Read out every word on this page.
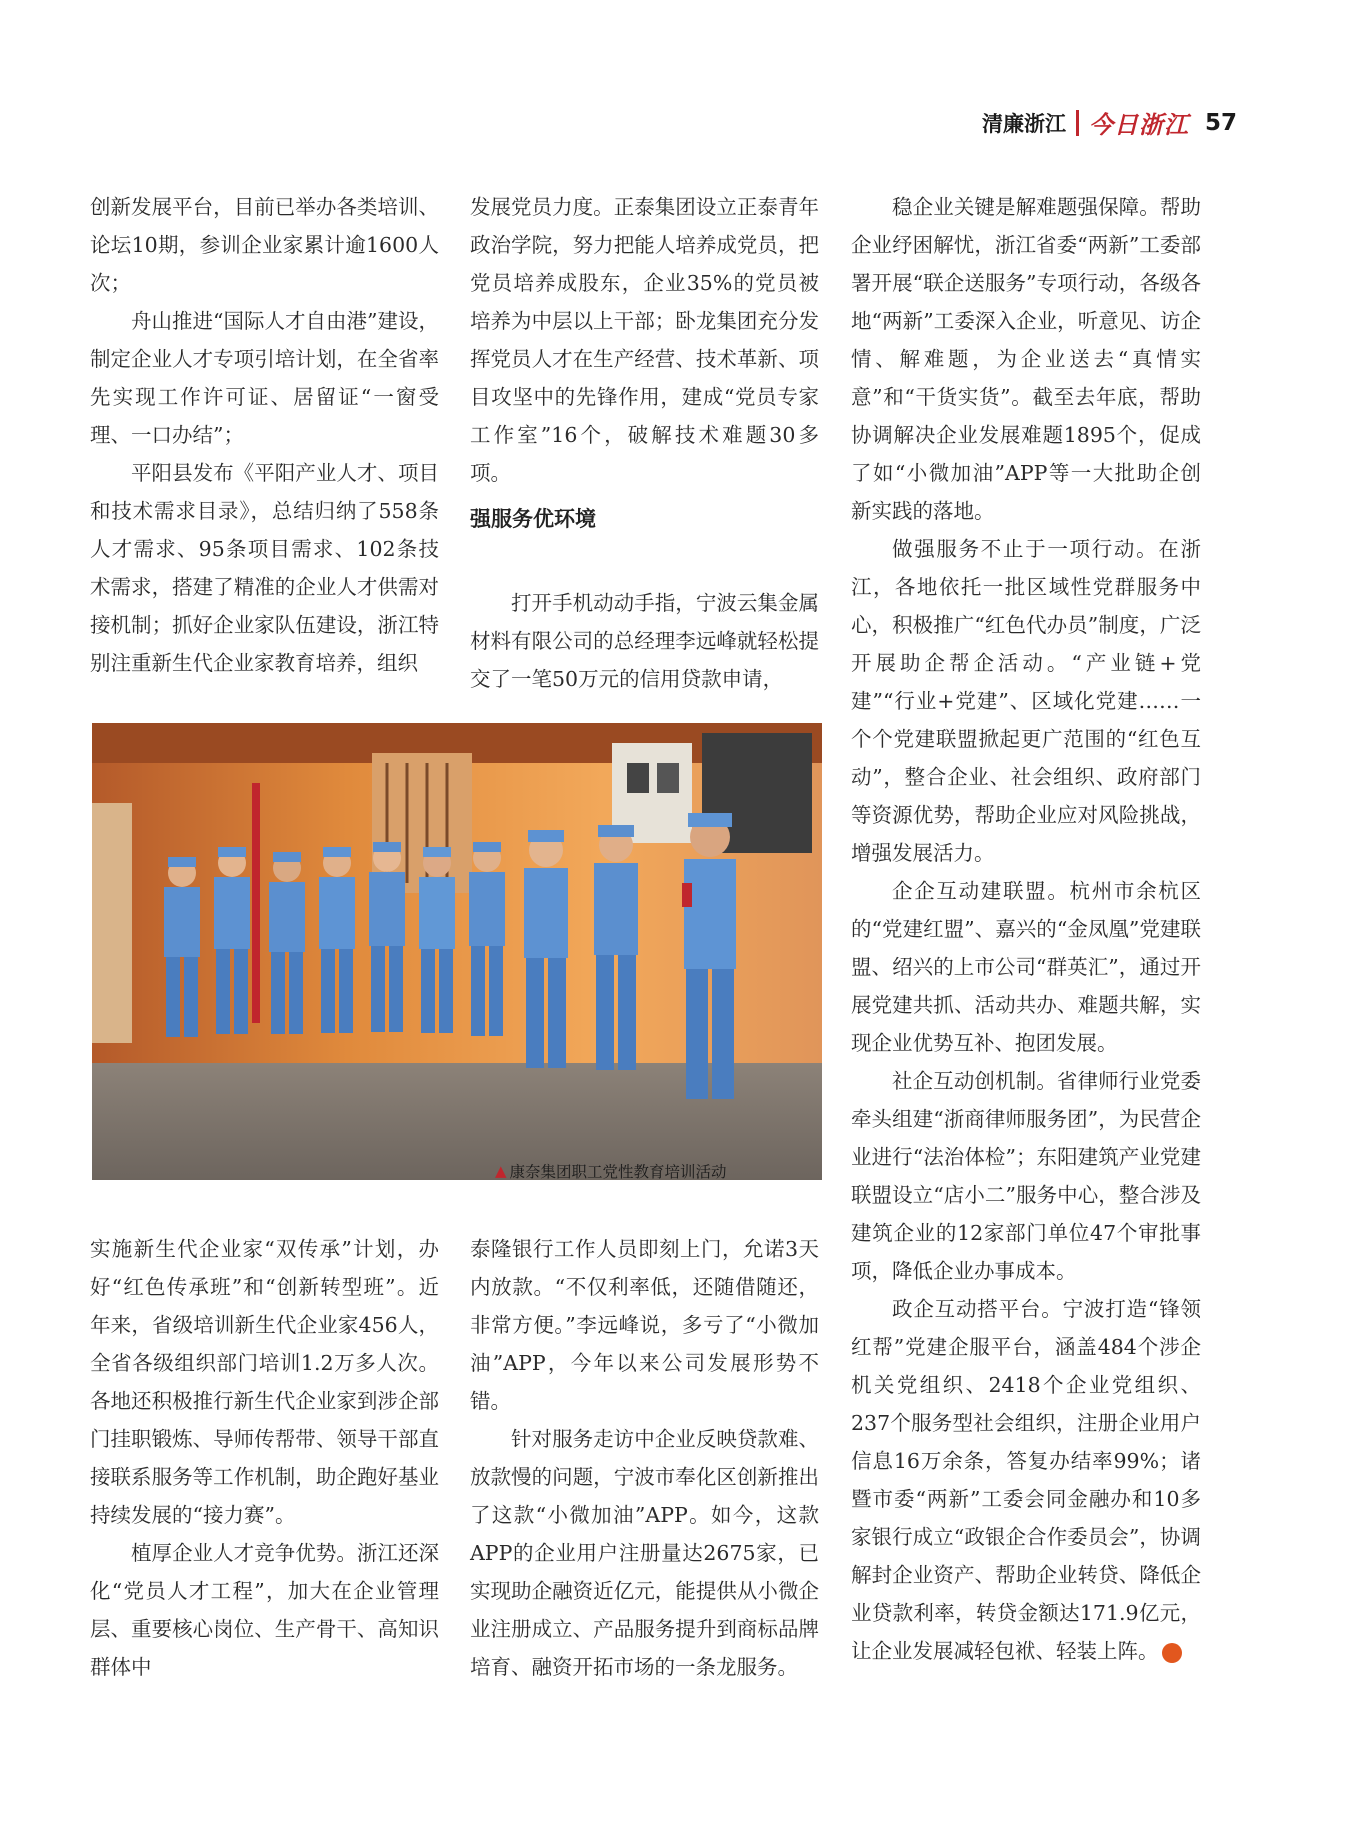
清廉浙江 今日浙江 57

创新发展平台，目前已举办各类培训、论坛10期，参训企业家累计逾1600人次；

舟山推进“国际人才自由港”建设，制定企业人才专项引培计划，在全省率先实现工作许可证、居留证“一窗受理、一口办结”；

平阳县发布《平阳产业人才、项目和技术需求目录》，总结归纳了558条人才需求、95条项目需求、102条技术需求，搭建了精准的企业人才供需对接机制；抓好企业家队伍建设，浙江特别注重新生代企业家教育培养，组织

发展党员力度。正泰集团设立正泰青年政治学院，努力把能人培养成党员，把党员培养成股东，企业35%的党员被培养为中层以上干部；卧龙集团充分发挥党员人才在生产经营、技术革新、项目攻坚中的先锋作用，建成“党员专家工作室”16个，破解技术难题30多项。

强服务优环境

打开手机动动手指，宁波云集金属材料有限公司的总经理李远峰就轻松提交了一笔50万元的信用贷款申请，

稳企业关键是解难题强保障。帮助企业纾困解忧，浙江省委“两新”工委部署开展“联企送服务”专项行动，各级各地“两新”工委深入企业，听意见、访企情、解难题，为企业送去“真情实意”和“干货实货”。截至去年底，帮助协调解决企业发展难题1895个，促成了如“小微加油”APP等一大批助企创新实践的落地。

做强服务不止于一项行动。在浙江，各地依托一批区域性党群服务中心，积极推广“红色代办员”制度，广泛开展助企帮企活动。“产业链+党建”“行业+党建”、区域化党建……一个个党建联盟掀起更广范围的“红色互动”，整合企业、社会组织、政府部门等资源优势，帮助企业应对风险挑战，增强发展活力。

企企互动建联盟。杭州市余杭区的“党建红盟”、嘉兴的“金凤凰”党建联盟、绍兴的上市公司“群英汇”，通过开展党建共抓、活动共办、难题共解，实现企业优势互补、抱团发展。

社企互动创机制。省律师行业党委牵头组建“浙商律师服务团”，为民营企业进行“法治体检”；东阳建筑产业党建联盟设立“店小二”服务中心，整合涉及建筑企业的12家部门单位47个审批事项，降低企业办事成本。

政企互动搭平台。宁波打造“锋领红帮”党建企服平台，涵盖484个涉企机关党组织、2418个企业党组织、237个服务型社会组织，注册企业用户信息16万余条，答复办结率99%；诸暨市委“两新”工委会同金融办和10多家银行成立“政银企合作委员会”，协调解封企业资产、帮助企业转贷、降低企业贷款利率，转贷金额达171.9亿元，让企业发展减轻包袱、轻装上阵。

▲ 康奈集团职工党性教育培训活动

实施新生代企业家“双传承”计划，办好“红色传承班”和“创新转型班”。近年来，省级培训新生代企业家456人，全省各级组织部门培训1.2万多人次。各地还积极推行新生代企业家到涉企部门挂职锻炼、导师传帮带、领导干部直接联系服务等工作机制，助企跑好基业持续发展的“接力赛”。

植厚企业人才竞争优势。浙江还深化“党员人才工程”，加大在企业管理层、重要核心岗位、生产骨干、高知识群体中

泰隆银行工作人员即刻上门，允诺3天内放款。“不仅利率低，还随借随还，非常方便。”李远峰说，多亏了“小微加油”APP，今年以来公司发展形势不错。

针对服务走访中企业反映贷款难、放款慢的问题，宁波市奉化区创新推出了这款“小微加油”APP。如今，这款APP的企业用户注册量达2675家，已实现助企融资近亿元，能提供从小微企业注册成立、产品服务提升到商标品牌培育、融资开拓市场的一条龙服务。
